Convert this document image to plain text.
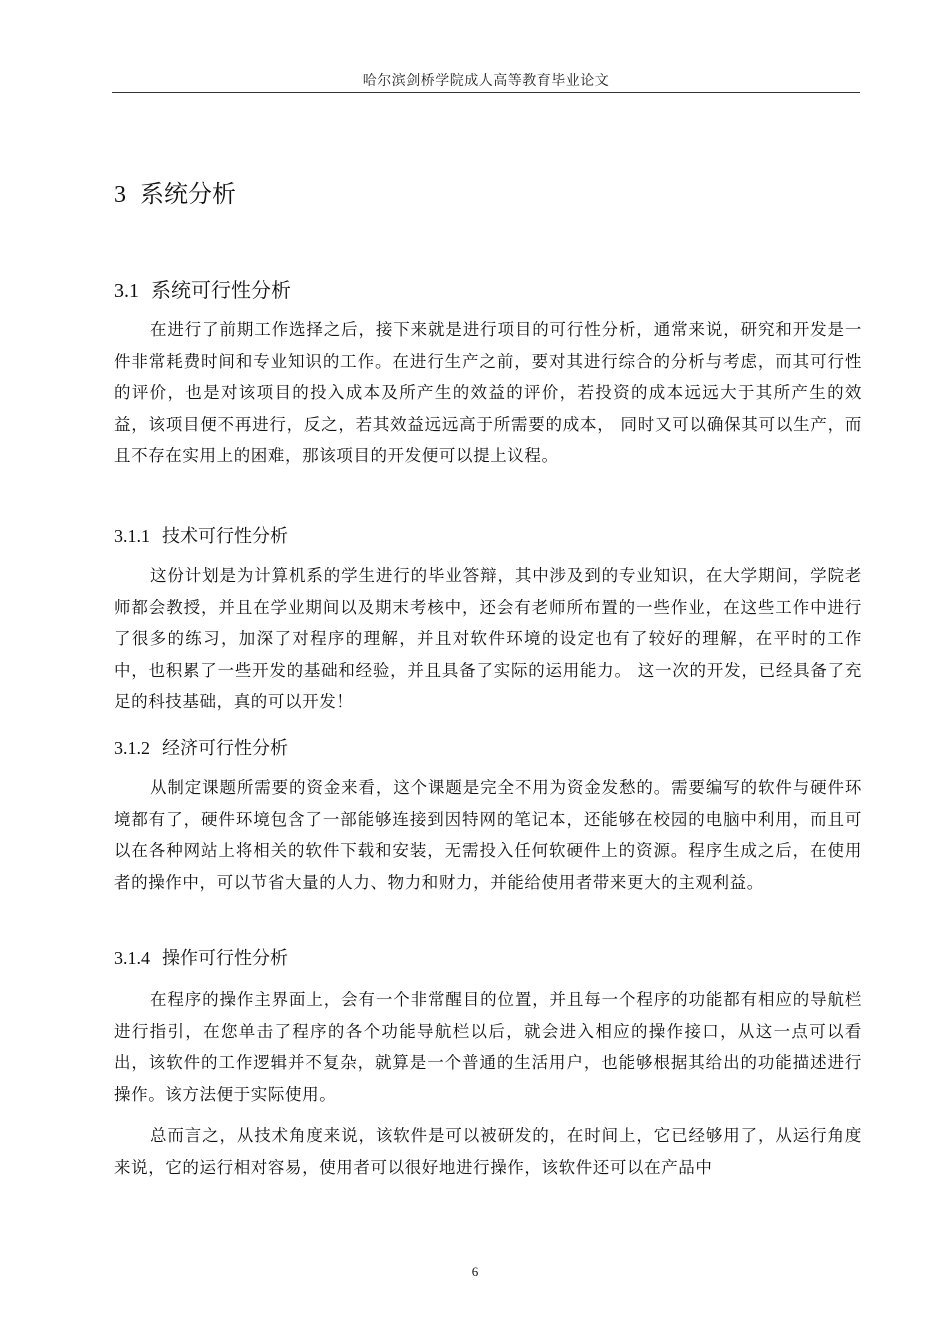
哈尔滨剑桥学院成人高等教育毕业论文
3 系统分析
3.1 系统可行性分析

在进行了前期工作选择之后，接下来就是进行项目的可行性分析，通常来说，研究和开发是一件非常耗费时间和专业知识的工作。在进行生产之前，要对其进行综合的分析与考虑，而其可行性的评价，也是对该项目的投入成本及所产生的效益的评价，若投资的成本远远大于其所产生的效益，该项目便不再进行，反之，若其效益远远高于所需要的成本， 同时又可以确保其可以生产，而且不存在实用上的困难，那该项目的开发便可以提上议程。

3.1.1 技术可行性分析

这份计划是为计算机系的学生进行的毕业答辩，其中涉及到的专业知识，在大学期间，学院老师都会教授，并且在学业期间以及期末考核中，还会有老师所布置的一些作业，在这些工作中进行了很多的练习，加深了对程序的理解，并且对软件环境的设定也有了较好的理解，在平时的工作中，也积累了一些开发的基础和经验，并且具备了实际的运用能力。 这一次的开发，已经具备了充足的科技基础，真的可以开发！

3.1.2 经济可行性分析

从制定课题所需要的资金来看，这个课题是完全不用为资金发愁的。需要编写的软件与硬件环境都有了，硬件环境包含了一部能够连接到因特网的笔记本，还能够在校园的电脑中利用，而且可以在各种网站上将相关的软件下载和安装，无需投入任何软硬件上的资源。程序生成之后，在使用者的操作中，可以节省大量的人力、物力和财力，并能给使用者带来更大的主观利益。

3.1.4 操作可行性分析

在程序的操作主界面上，会有一个非常醒目的位置，并且每一个程序的功能都有相应的导航栏进行指引，在您单击了程序的各个功能导航栏以后，就会进入相应的操作接口，从这一点可以看出，该软件的工作逻辑并不复杂，就算是一个普通的生活用户，也能够根据其给出的功能描述进行操作。该方法便于实际使用。

总而言之，从技术角度来说，该软件是可以被研发的，在时间上，它已经够用了，从运行角度来说，它的运行相对容易，使用者可以很好地进行操作，该软件还可以在产品中

6
